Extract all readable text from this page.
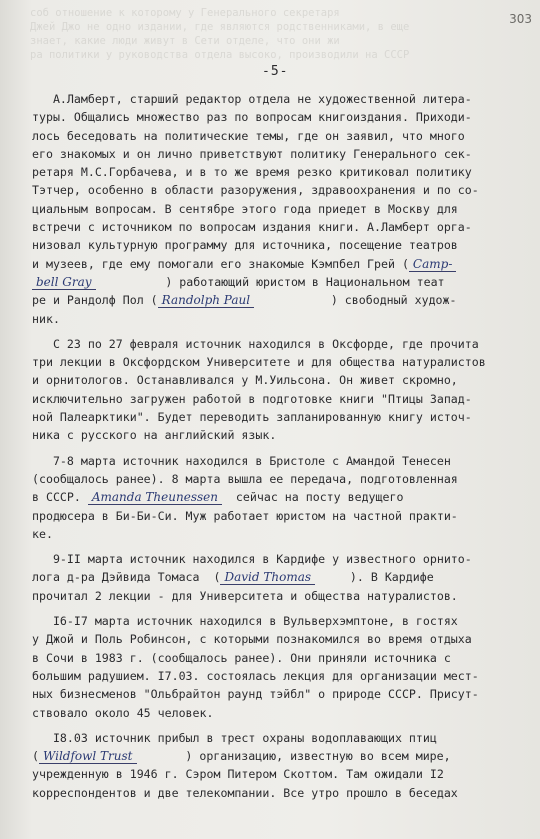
соб отношение к которому у Генерального секретаря
Джей Джо не одно издании, где являются родственниками, в еще
знает, какие люди живут в Сети отделе, что они жи
ра политики у руководства отдела высоко, производили на СССР
303
-5-
А.Ламберт, старший редактор отдела не художественной литера-
туры. Общались множество раз по вопросам книгоиздания. Приходи-
лось беседовать на политические темы, где он заявил, что много
его знакомых и он лично приветствуют политику Генерального сек-
ретаря М.С.Горбачева, и в то же время резко критиковал политику
Тэтчер, особенно в области разоружения, здравоохранения и по со-
циальным вопросам. В сентябре этого года приедет в Москву для
встречи с источником по вопросам издания книги. А.Ламберт орга-
низовал культурную программу для источника, посещение театров
и музеев, где ему помогали его знакомые Кэмпбел Грей ( Camp-
bell Gray          ) работающий юристом в Национальном теат
ре и Рандолф Пол ( Randolph Paul           ) свободный худож-
ник.
С 23 по 27 февраля источник находился в Оксфорде, где прочита
три лекции в Оксфордском Университете и для общества натуралистов
и орнитологов. Останавливался у М.Уильсона. Он живет скромно,
исключительно загружен работой в подготовке книги "Птицы Запад-
ной Палеарктики". Будет переводить запланированную книгу источ-
ника с русского на английский язык.
7-8 марта источник находился в Бристоле с Амандой Тенесен
(сообщалось ранее). 8 марта вышла ее передача, подготовленная
в СССР. Amanda Theunessen  сейчас на посту ведущего
продюсера в Би-Би-Си. Муж работает юристом на частной практи-
ке.
9-II марта источник находился в Кардифе у известного орнито-
лога д-ра Дэйвида Томаса  ( David Thomas     ). В Кардифе
прочитал 2 лекции - для Университета и общества натуралистов.
I6-I7 марта источник находился в Вульверхэмптоне, в гостях
у Джой и Поль Робинсон, с которыми познакомился во время отдыха
в Сочи в 1983 г. (сообщалось ранее). Они приняли источника с
большим радушием. I7.03. состоялась лекция для организации мест-
ных бизнесменов "Ольбрайтон раунд тэйбл" о природе СССР. Присут-
ствовало около 45 человек.
I8.03 источник прибыл в трест охраны водоплавающих птиц
( Wildfowl Trust       ) организацию, известную во всем мире,
учрежденную в 1946 г. Сэром Питером Скоттом. Там ожидали I2
корреспондентов и две телекомпании. Все утро прошло в беседах
